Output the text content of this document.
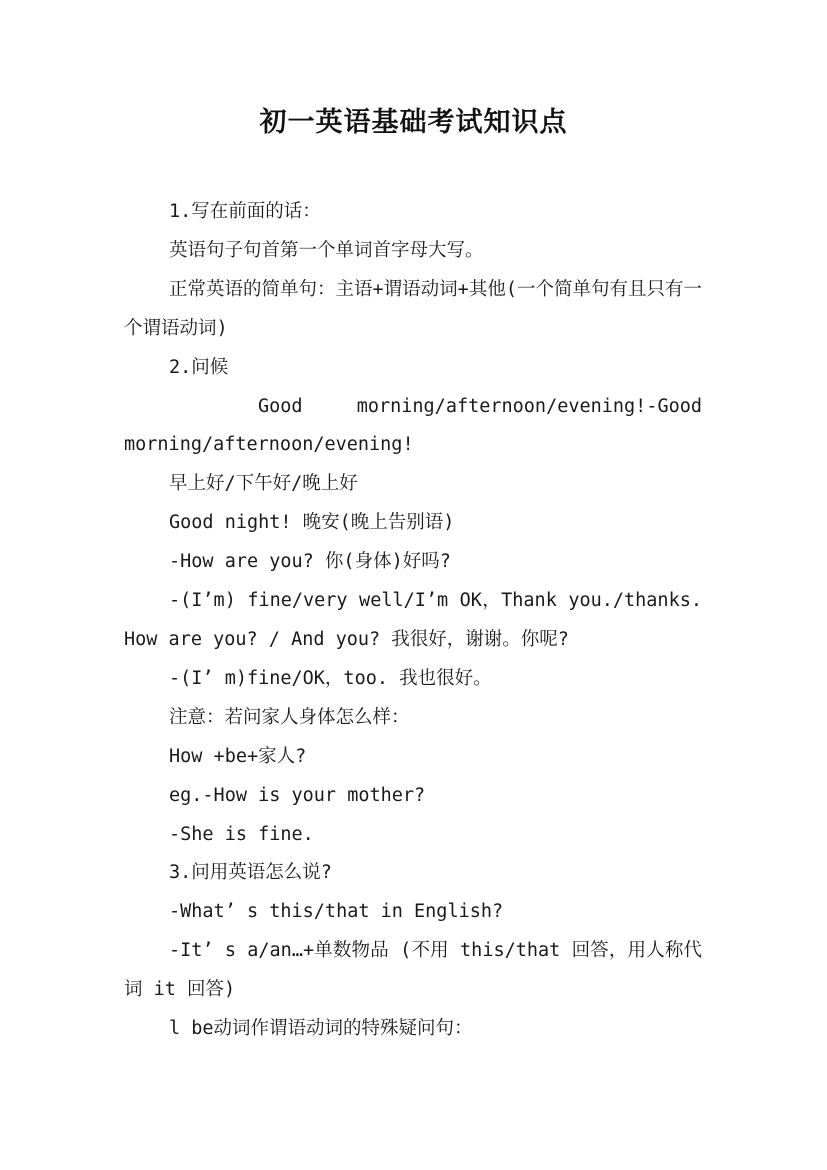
初一英语基础考试知识点

1.写在前面的话：

英语句子句首第一个单词首字母大写。

正常英语的简单句：主语+谓语动词+其他(一个简单句有且只有一个谓语动词)

2.问候

Good	morning/afternoon/evening!-Good
morning/afternoon/evening!

早上好/下午好/晚上好

Good night! 晚安(晚上告别语)

-How are you? 你(身体)好吗?

-(I’m) fine/very well/I’m OK，Thank you./thanks. How are you? / And you? 我很好，谢谢。你呢?

-(I’ m)fine/OK，too. 我也很好。

注意：若问家人身体怎么样：

How +be+家人?

eg.-How is your mother?

-She is fine.

3.问用英语怎么说?

-What’ s this/that in English?

-It’ s a/an…+单数物品 (不用 this/that 回答，用人称代词 it 回答)

l be动词作谓语动词的特殊疑问句：
